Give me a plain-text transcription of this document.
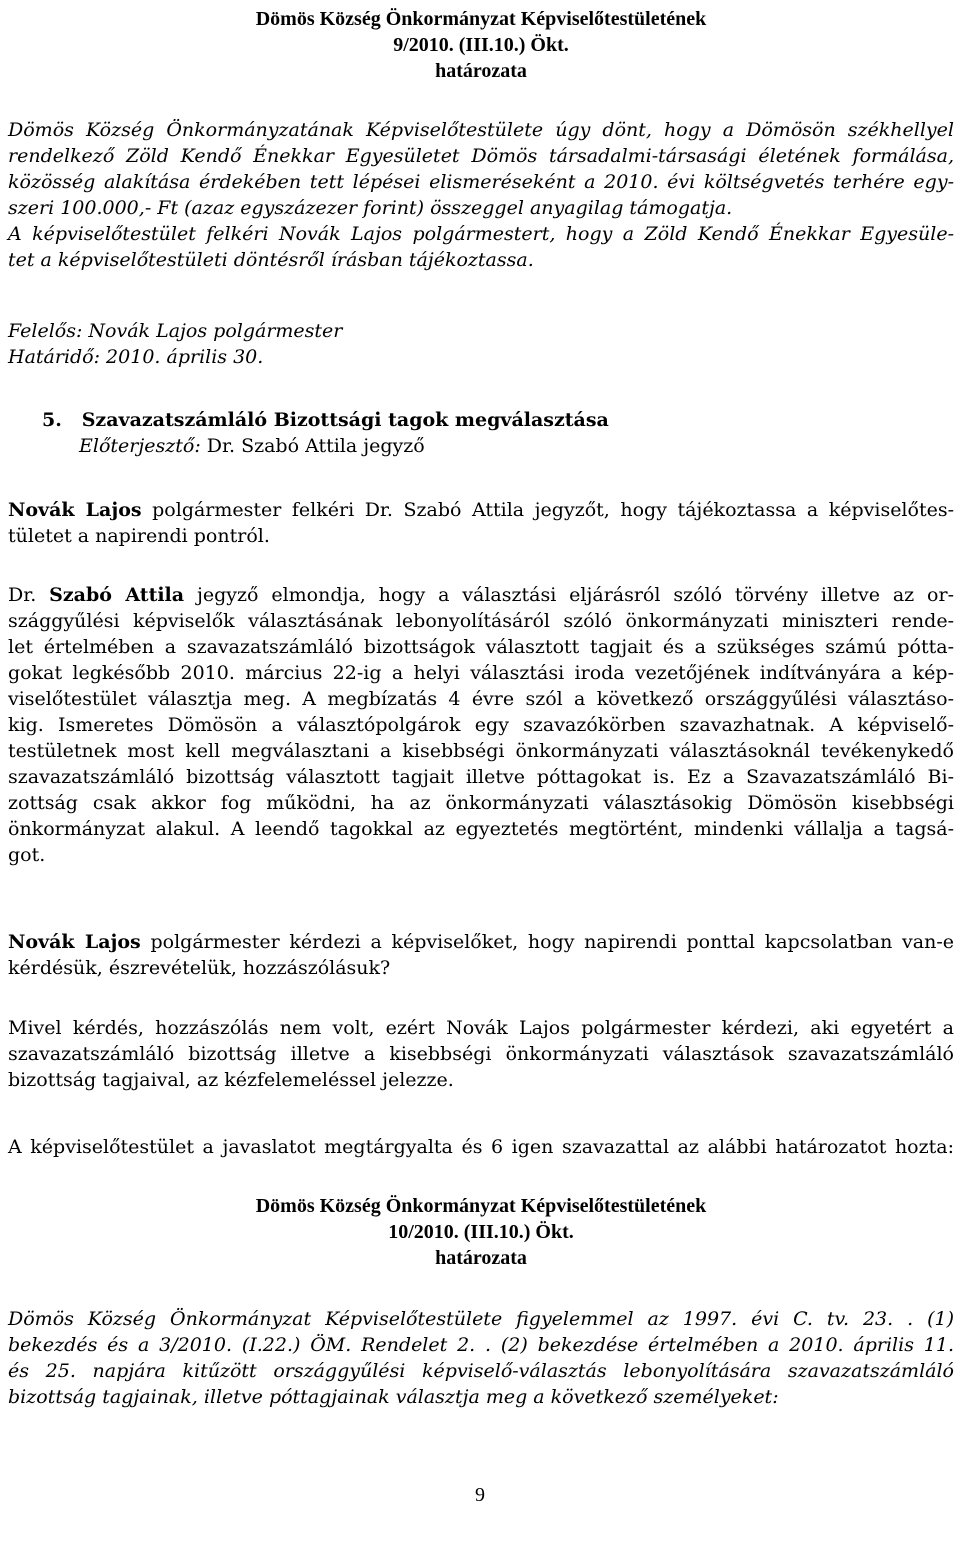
Dömös Község Önkormányzat Képviselőtestületének
9/2010. (III.10.) Ökt.
határozata
Dömös Község Önkormányzatának Képviselőtestülete úgy dönt, hogy a Dömösön székhellyel
rendelkező Zöld Kendő Énekkar Egyesületet Dömös társadalmi-társasági életének formálása,
közösség alakítása érdekében tett lépései elismeréseként a 2010. évi költségvetés terhére egy-
szeri 100.000,- Ft (azaz egyszázezer forint) összeggel anyagilag támogatja.
A képviselőtestület felkéri Novák Lajos polgármestert, hogy a Zöld Kendő Énekkar Egyesüle-
tet a képviselőtestületi döntésről írásban tájékoztassa.
Felelős: Novák Lajos polgármester
Határidő: 2010. április 30.
5. Szavazatszámláló Bizottsági tagok megválasztása
Előterjesztő: Dr. Szabó Attila jegyző
Novák Lajos polgármester felkéri Dr. Szabó Attila jegyzőt, hogy tájékoztassa a képviselőtes-
tületet a napirendi pontról.
Dr. Szabó Attila jegyző elmondja, hogy a választási eljárásról szóló törvény illetve az or-
szággyűlési képviselők választásának lebonyolításáról szóló önkormányzati miniszteri rende-
let értelmében a szavazatszámláló bizottságok választott tagjait és a szükséges számú pótta-
gokat legkésőbb 2010. március 22-ig a helyi választási iroda vezetőjének indítványára a kép-
viselőtestület választja meg. A megbízatás 4 évre szól a következő országgyűlési választáso-
kig. Ismeretes Dömösön a választópolgárok egy szavazókörben szavazhatnak. A képviselő-
testületnek most kell megválasztani a kisebbségi önkormányzati választásoknál tevékenykedő
szavazatszámláló bizottság választott tagjait illetve póttagokat is. Ez a Szavazatszámláló Bi-
zottság csak akkor fog működni, ha az önkormányzati választásokig Dömösön kisebbségi
önkormányzat alakul. A leendő tagokkal az egyeztetés megtörtént, mindenki vállalja a tagsá-
got.
Novák Lajos polgármester kérdezi a képviselőket, hogy napirendi ponttal kapcsolatban van-e
kérdésük, észrevételük, hozzászólásuk?
Mivel kérdés, hozzászólás nem volt, ezért Novák Lajos polgármester kérdezi, aki egyetért a
szavazatszámláló bizottság illetve a kisebbségi önkormányzati választások szavazatszámláló
bizottság tagjaival, az kézfelemeléssel jelezze.
A képviselőtestület a javaslatot megtárgyalta és 6 igen szavazattal az alábbi határozatot hozta:
Dömös Község Önkormányzat Képviselőtestületének
10/2010. (III.10.) Ökt.
határozata
Dömös Község Önkormányzat Képviselőtestülete figyelemmel az 1997. évi C. tv. 23. . (1)
bekezdés és a 3/2010. (I.22.) ÖM. Rendelet 2. . (2) bekezdése értelmében a 2010. április 11.
és 25. napjára kitűzött országgyűlési képviselő-választás lebonyolítására szavazatszámláló
bizottság tagjainak, illetve póttagjainak választja meg a következő személyeket:
9
